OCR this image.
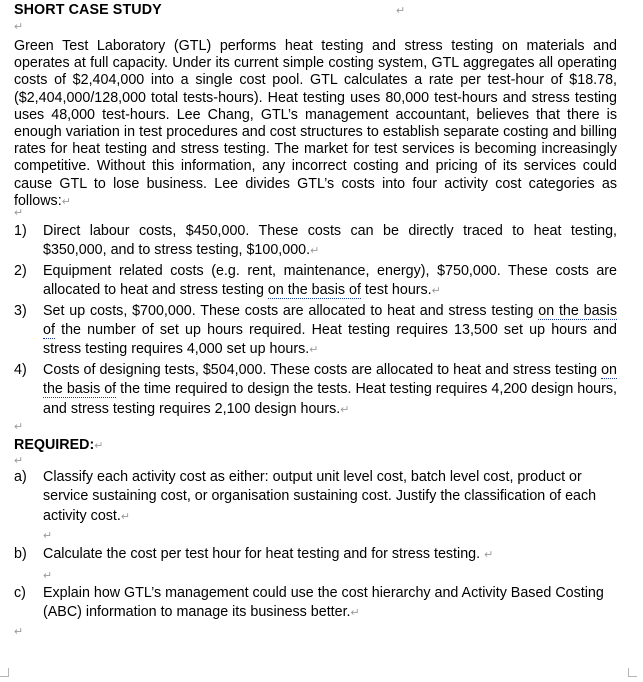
SHORT CASE STUDY	↵
↵

Green Test Laboratory (GTL) performs heat testing and stress testing on materials and operates at full capacity. Under its current simple costing system, GTL aggregates all operating costs of $2,404,000 into a single cost pool. GTL calculates a rate per test-hour of $18.78, ($2,404,000/128,000 total tests-hours). Heat testing uses 80,000 test-hours and stress testing uses 48,000 test-hours. Lee Chang, GTL’s management accountant, believes that there is enough variation in test procedures and cost structures to establish separate costing and billing rates for heat testing and stress testing. The market for test services is becoming increasingly competitive. Without this information, any incorrect costing and pricing of its services could cause GTL to lose business. Lee divides GTL’s costs into four activity cost categories as follows:↵

↵
1) Direct labour costs, $450,000. These costs can be directly traced to heat testing, $350,000, and to stress testing, $100,000.↵
2) Equipment related costs (e.g. rent, maintenance, energy), $750,000. These costs are allocated to heat and stress testing on the basis of test hours.↵
3) Set up costs, $700,000. These costs are allocated to heat and stress testing on the basis of the number of set up hours required. Heat testing requires 13,500 set up hours and stress testing requires 4,000 set up hours.↵
4) Costs of designing tests, $504,000. These costs are allocated to heat and stress testing on the basis of the time required to design the tests. Heat testing requires 4,200 design hours, and stress testing requires 2,100 design hours.↵
↵
REQUIRED:↵
↵
a) Classify each activity cost as either: output unit level cost, batch level cost, product or service sustaining cost, or organisation sustaining cost. Justify the classification of each activity cost.↵
↵
b) Calculate the cost per test hour for heat testing and for stress testing. ↵
↵
c) Explain how GTL’s management could use the cost hierarchy and Activity Based Costing (ABC) information to manage its business better.↵
↵
